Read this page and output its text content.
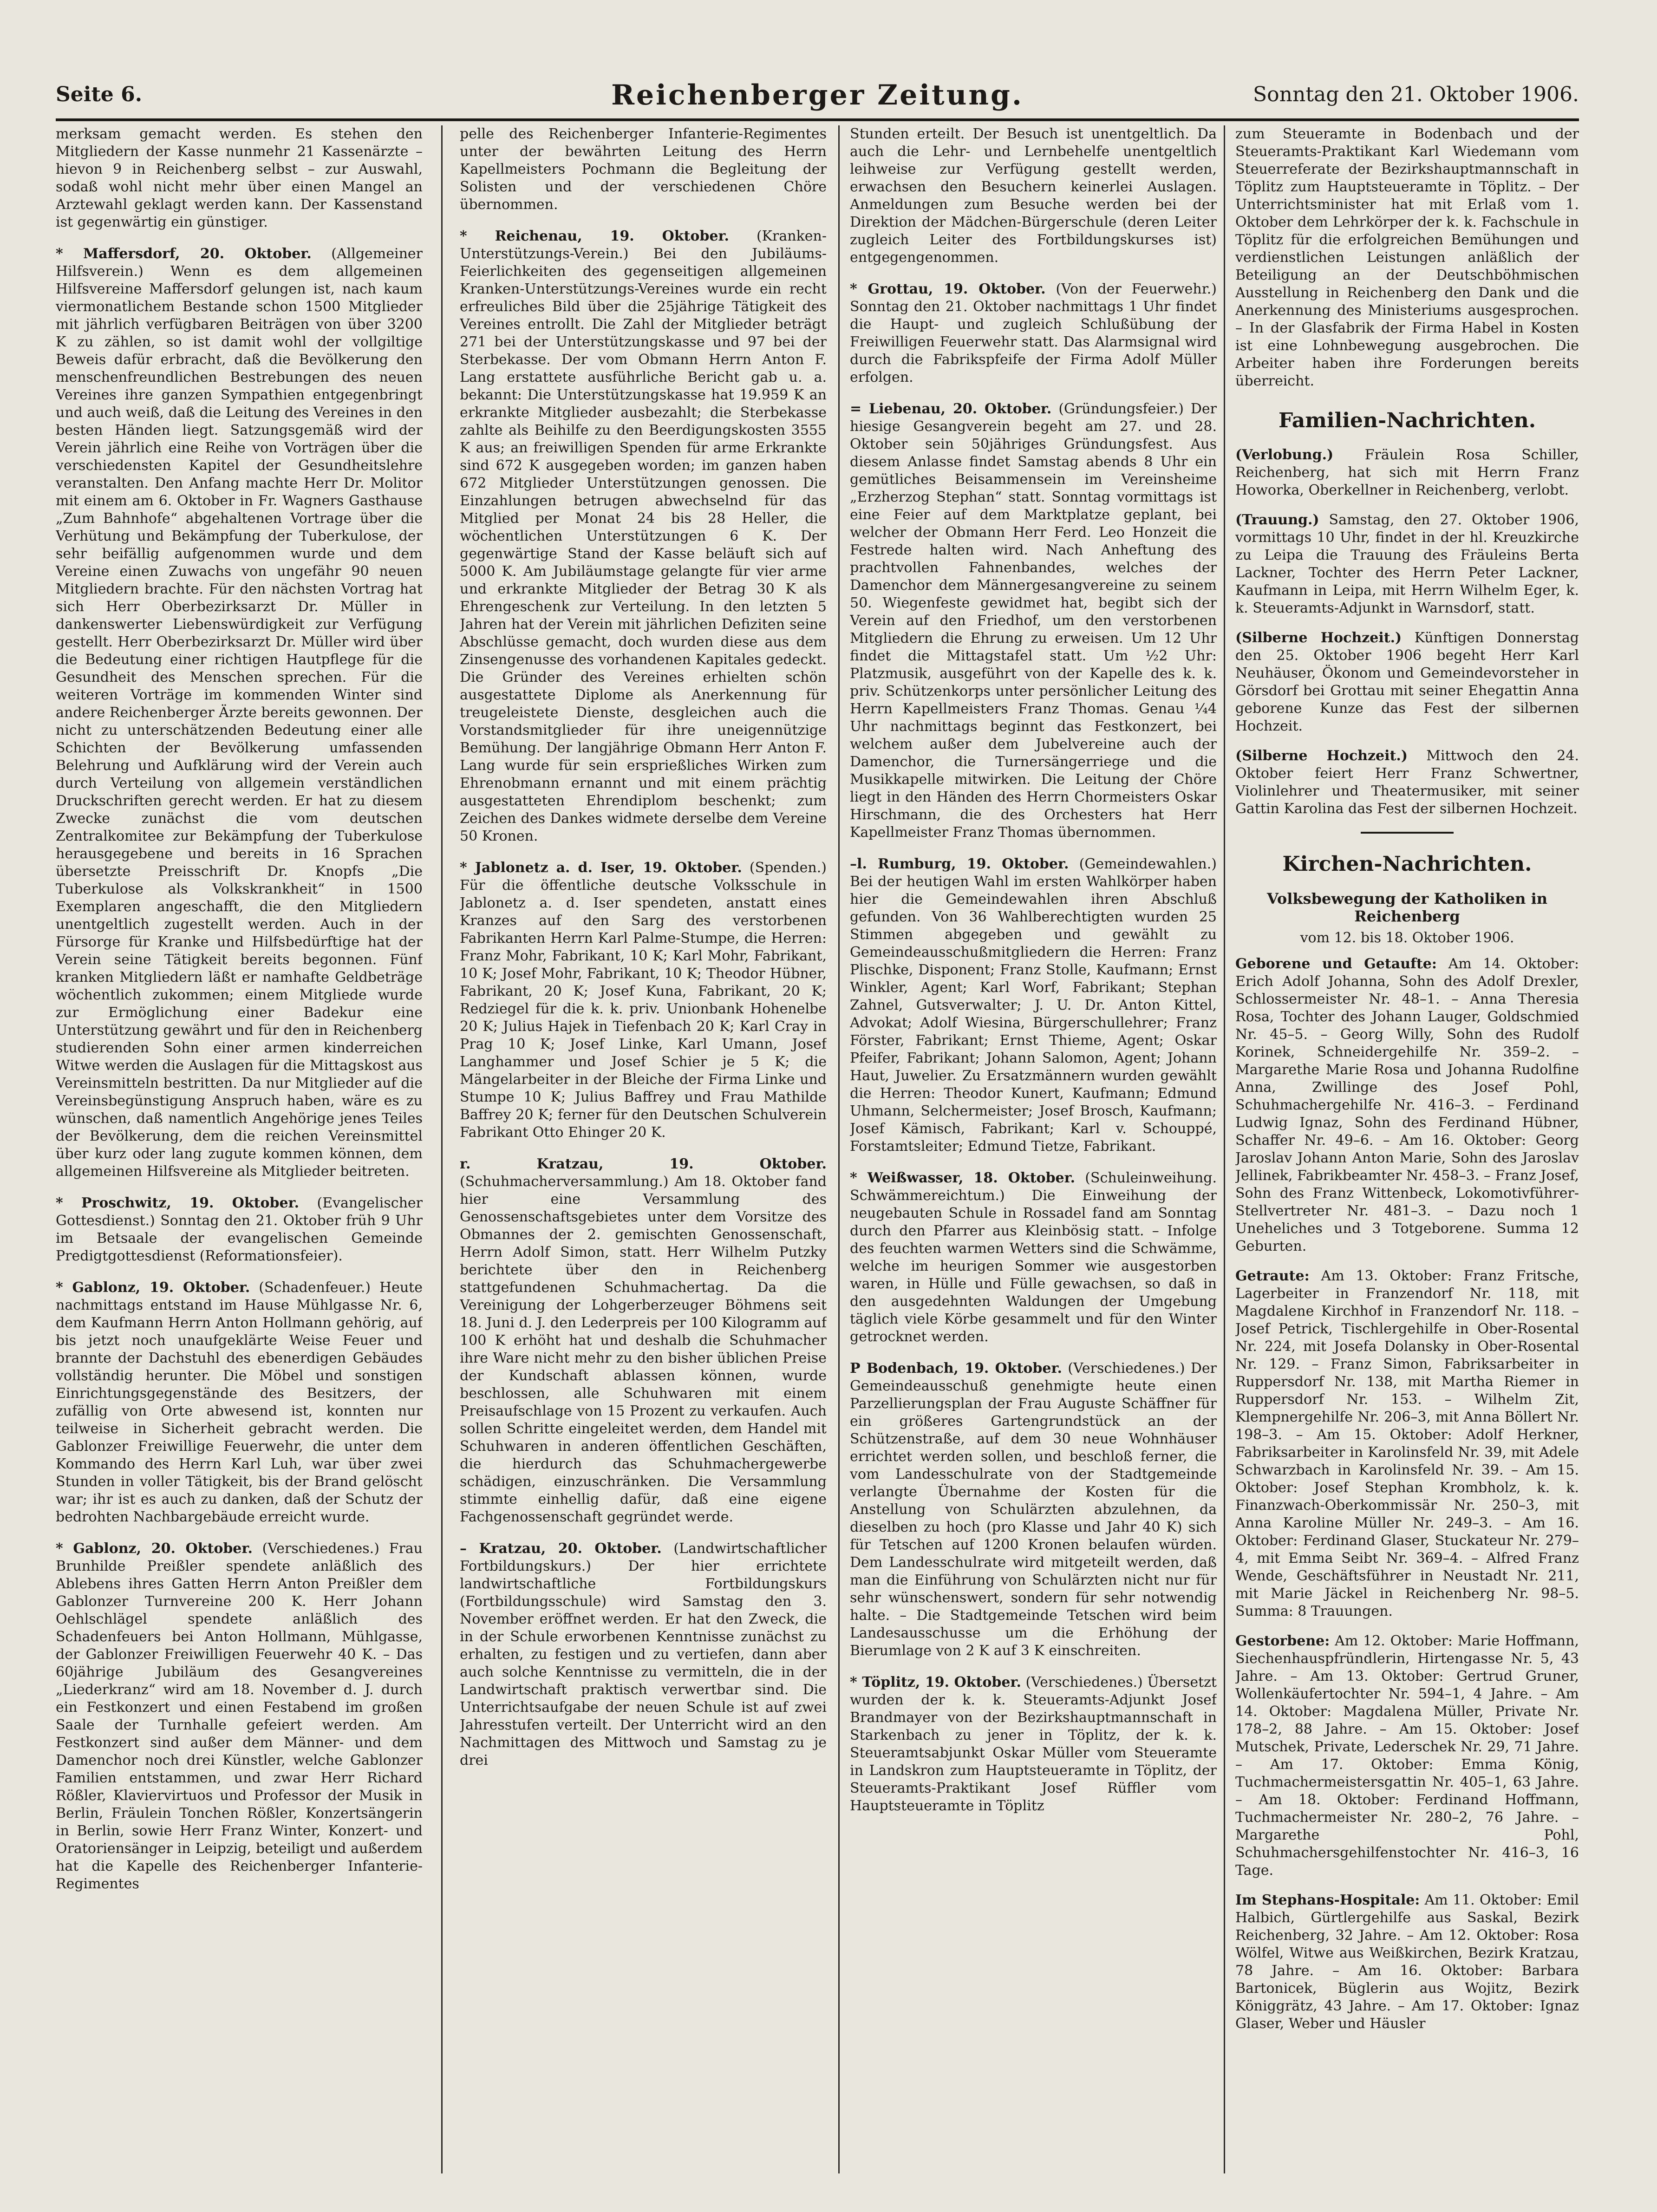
Seite 6.	Reichenberger Zeitung.	Sonntag den 21. Oktober 1906.
merksam gemacht werden. Es stehen den Mitgliedern der Kasse nunmehr 21 Kassenärzte – hievon 9 in Reichenberg selbst – zur Auswahl, sodaß wohl nicht mehr über einen Mangel an Arztewahl geklagt werden kann. Der Kassenstand ist gegenwärtig ein günstiger.
* Maffersdorf, 20. Oktober. (Allgemeiner Hilfsverein.) Wenn es dem allgemeinen Hilfsvereine Maffersdorf gelungen ist, nach kaum viermonatlichem Bestande schon 1500 Mitglieder mit jährlich verfügbaren Beiträgen von über 3200 K zu zählen, so ist damit wohl der vollgiltige Beweis dafür erbracht, daß die Bevölkerung den menschenfreundlichen Bestrebungen des neuen Vereines ihre ganzen Sympathien entgegenbringt und auch weiß, daß die Leitung des Vereines in den besten Händen liegt. Satzungsgemäß wird der Verein jährlich eine Reihe von Vorträgen über die verschiedensten Kapitel der Gesundheitslehre veranstalten. Den Anfang machte Herr Dr. Molitor mit einem am 6. Oktober in Fr. Wagners Gasthause „Zum Bahnhofe“ abgehaltenen Vortrage über die Verhütung und Bekämpfung der Tuberkulose, der sehr beifällig aufgenommen wurde und dem Vereine einen Zuwachs von ungefähr 90 neuen Mitgliedern brachte. Für den nächsten Vortrag hat sich Herr Oberbezirksarzt Dr. Müller in dankenswerter Liebenswürdigkeit zur Verfügung gestellt. Herr Oberbezirksarzt Dr. Müller wird über die Bedeutung einer richtigen Hautpflege für die Gesundheit des Menschen sprechen. Für die weiteren Vorträge im kommenden Winter sind andere Reichenberger Ärzte bereits gewonnen. Der nicht zu unterschätzenden Bedeutung einer alle Schichten der Bevölkerung umfassenden Belehrung und Aufklärung wird der Verein auch durch Verteilung von allgemein verständlichen Druckschriften gerecht werden. Er hat zu diesem Zwecke zunächst die vom deutschen Zentralkomitee zur Bekämpfung der Tuberkulose herausgegebene und bereits in 16 Sprachen übersetzte Preisschrift Dr. Knopfs „Die Tuberkulose als Volkskrankheit“ in 1500 Exemplaren angeschafft, die den Mitgliedern unentgeltlich zugestellt werden. Auch in der Fürsorge für Kranke und Hilfsbedürftige hat der Verein seine Tätigkeit bereits begonnen. Fünf kranken Mitgliedern läßt er namhafte Geldbeträge wöchentlich zukommen; einem Mitgliede wurde zur Ermöglichung einer Badekur eine Unterstützung gewährt und für den in Reichenberg studierenden Sohn einer armen kinderreichen Witwe werden die Auslagen für die Mittagskost aus Vereinsmitteln bestritten. Da nur Mitglieder auf die Vereinsbegünstigung Anspruch haben, wäre es zu wünschen, daß namentlich Angehörige jenes Teiles der Bevölkerung, dem die reichen Vereinsmittel über kurz oder lang zugute kommen können, dem allgemeinen Hilfsvereine als Mitglieder beitreten.
* Proschwitz, 19. Oktober. (Evangelischer Gottesdienst.) Sonntag den 21. Oktober früh 9 Uhr im Betsaale der evangelischen Gemeinde Predigtgottesdienst (Reformationsfeier).
* Gablonz, 19. Oktober. (Schadenfeuer.) Heute nachmittags entstand im Hause Mühlgasse Nr. 6, dem Kaufmann Herrn Anton Hollmann gehörig, auf bis jetzt noch unaufgeklärte Weise Feuer und brannte der Dachstuhl des ebenerdigen Gebäudes vollständig herunter. Die Möbel und sonstigen Einrichtungsgegenstände des Besitzers, der zufällig von Orte abwesend ist, konnten nur teilweise in Sicherheit gebracht werden. Die Gablonzer Freiwillige Feuerwehr, die unter dem Kommando des Herrn Karl Luh, war über zwei Stunden in voller Tätigkeit, bis der Brand gelöscht war; ihr ist es auch zu danken, daß der Schutz der bedrohten Nachbargebäude erreicht wurde.
* Gablonz, 20. Oktober. (Verschiedenes.) Frau Brunhilde Preißler spendete anläßlich des Ablebens ihres Gatten Herrn Anton Preißler dem Gablonzer Turnvereine 200 K. Herr Johann Oehlschlägel spendete anläßlich des Schadenfeuers bei Anton Hollmann, Mühlgasse, der Gablonzer Freiwilligen Feuerwehr 40 K. – Das 60jährige Jubiläum des Gesangvereines „Liederkranz“ wird am 18. November d. J. durch ein Festkonzert und einen Festabend im großen Saale der Turnhalle gefeiert werden. Am Festkonzert sind außer dem Männer- und dem Damenchor noch drei Künstler, welche Gablonzer Familien entstammen, und zwar Herr Richard Rößler, Klaviervirtuos und Professor der Musik in Berlin, Fräulein Tonchen Rößler, Konzertsängerin in Berlin, sowie Herr Franz Winter, Konzert- und Oratoriensänger in Leipzig, beteiligt und außerdem hat die Kapelle des Reichenberger Infanterie-Regimentes
pelle des Reichenberger Infanterie-Regimentes unter der bewährten Leitung des Herrn Kapellmeisters Pochmann die Begleitung der Solisten und der verschiedenen Chöre übernommen.
* Reichenau, 19. Oktober. (Kranken-Unterstützungs-Verein.) Bei den Jubiläums-Feierlichkeiten des gegenseitigen allgemeinen Kranken-Unterstützungs-Vereines wurde ein recht erfreuliches Bild über die 25jährige Tätigkeit des Vereines entrollt. Die Zahl der Mitglieder beträgt 271 bei der Unterstützungskasse und 97 bei der Sterbekasse. Der vom Obmann Herrn Anton F. Lang erstattete ausführliche Bericht gab u. a. bekannt: Die Unterstützungskasse hat 19.959 K an erkrankte Mitglieder ausbezahlt; die Sterbekasse zahlte als Beihilfe zu den Beerdigungskosten 3555 K aus; an freiwilligen Spenden für arme Erkrankte sind 672 K ausgegeben worden; im ganzen haben 672 Mitglieder Unterstützungen genossen. Die Einzahlungen betrugen abwechselnd für das Mitglied per Monat 24 bis 28 Heller, die wöchentlichen Unterstützungen 6 K. Der gegenwärtige Stand der Kasse beläuft sich auf 5000 K. Am Jubiläumstage gelangte für vier arme und erkrankte Mitglieder der Betrag 30 K als Ehrengeschenk zur Verteilung. In den letzten 5 Jahren hat der Verein mit jährlichen Defiziten seine Abschlüsse gemacht, doch wurden diese aus dem Zinsengenusse des vorhandenen Kapitales gedeckt. Die Gründer des Vereines erhielten schön ausgestattete Diplome als Anerkennung für treugeleistete Dienste, desgleichen auch die Vorstandsmitglieder für ihre uneigennützige Bemühung. Der langjährige Obmann Herr Anton F. Lang wurde für sein ersprießliches Wirken zum Ehrenobmann ernannt und mit einem prächtig ausgestatteten Ehrendiplom beschenkt; zum Zeichen des Dankes widmete derselbe dem Vereine 50 Kronen.
* Jablonetz a. d. Iser, 19. Oktober. (Spenden.) Für die öffentliche deutsche Volksschule in Jablonetz a. d. Iser spendeten, anstatt eines Kranzes auf den Sarg des verstorbenen Fabrikanten Herrn Karl Palme-Stumpe, die Herren: Franz Mohr, Fabrikant, 10 K; Karl Mohr, Fabrikant, 10 K; Josef Mohr, Fabrikant, 10 K; Theodor Hübner, Fabrikant, 20 K; Josef Kuna, Fabrikant, 20 K; Redziegel für die k. k. priv. Unionbank Hohenelbe 20 K; Julius Hajek in Tiefenbach 20 K; Karl Cray in Prag 10 K; Josef Linke, Karl Umann, Josef Langhammer und Josef Schier je 5 K; die Mängelarbeiter in der Bleiche der Firma Linke und Stumpe 10 K; Julius Baffrey und Frau Mathilde Baffrey 20 K; ferner für den Deutschen Schulverein Fabrikant Otto Ehinger 20 K.
r. Kratzau, 19. Oktober. (Schuhmacherversammlung.) Am 18. Oktober fand hier eine Versammlung des Genossenschaftsgebietes unter dem Vorsitze des Obmannes der 2. gemischten Genossenschaft, Herrn Adolf Simon, statt. Herr Wilhelm Putzky berichtete über den in Reichenberg stattgefundenen Schuhmachertag. Da die Vereinigung der Lohgerberzeuger Böhmens seit 18. Juni d. J. den Lederpreis per 100 Kilogramm auf 100 K erhöht hat und deshalb die Schuhmacher ihre Ware nicht mehr zu den bisher üblichen Preise der Kundschaft ablassen können, wurde beschlossen, alle Schuhwaren mit einem Preisaufschlage von 15 Prozent zu verkaufen. Auch sollen Schritte eingeleitet werden, dem Handel mit Schuhwaren in anderen öffentlichen Geschäften, die hierdurch das Schuhmachergewerbe schädigen, einzuschränken. Die Versammlung stimmte einhellig dafür, daß eine eigene Fachgenossenschaft gegründet werde.
– Kratzau, 20. Oktober. (Landwirtschaftlicher Fortbildungskurs.) Der hier errichtete landwirtschaftliche Fortbildungskurs (Fortbildungsschule) wird Samstag den 3. November eröffnet werden. Er hat den Zweck, die in der Schule erworbenen Kenntnisse zunächst zu erhalten, zu festigen und zu vertiefen, dann aber auch solche Kenntnisse zu vermitteln, die in der Landwirtschaft praktisch verwertbar sind. Die Unterrichtsaufgabe der neuen Schule ist auf zwei Jahresstufen verteilt. Der Unterricht wird an den Nachmittagen des Mittwoch und Samstag zu je drei
Stunden erteilt. Der Besuch ist unentgeltlich. Da auch die Lehr- und Lernbehelfe unentgeltlich leihweise zur Verfügung gestellt werden, erwachsen den Besuchern keinerlei Auslagen. Anmeldungen zum Besuche werden bei der Direktion der Mädchen-Bürgerschule (deren Leiter zugleich Leiter des Fortbildungskurses ist) entgegengenommen.
* Grottau, 19. Oktober. (Von der Feuerwehr.) Sonntag den 21. Oktober nachmittags 1 Uhr findet die Haupt- und zugleich Schlußübung der Freiwilligen Feuerwehr statt. Das Alarmsignal wird durch die Fabrikspfeife der Firma Adolf Müller erfolgen.
= Liebenau, 20. Oktober. (Gründungsfeier.) Der hiesige Gesangverein begeht am 27. und 28. Oktober sein 50jähriges Gründungsfest. Aus diesem Anlasse findet Samstag abends 8 Uhr ein gemütliches Beisammensein im Vereinsheime „Erzherzog Stephan“ statt. Sonntag vormittags ist eine Feier auf dem Marktplatze geplant, bei welcher der Obmann Herr Ferd. Leo Honzeit die Festrede halten wird. Nach Anheftung des prachtvollen Fahnenbandes, welches der Damenchor dem Männergesangvereine zu seinem 50. Wiegenfeste gewidmet hat, begibt sich der Verein auf den Friedhof, um den verstorbenen Mitgliedern die Ehrung zu erweisen. Um 12 Uhr findet die Mittagstafel statt. Um ½2 Uhr: Platzmusik, ausgeführt von der Kapelle des k. k. priv. Schützenkorps unter persönlicher Leitung des Herrn Kapellmeisters Franz Thomas. Genau ¼4 Uhr nachmittags beginnt das Festkonzert, bei welchem außer dem Jubelvereine auch der Damenchor, die Turnersängerriege und die Musikkapelle mitwirken. Die Leitung der Chöre liegt in den Händen des Herrn Chormeisters Oskar Hirschmann, die des Orchesters hat Herr Kapellmeister Franz Thomas übernommen.
–l. Rumburg, 19. Oktober. (Gemeindewahlen.) Bei der heutigen Wahl im ersten Wahlkörper haben hier die Gemeindewahlen ihren Abschluß gefunden. Von 36 Wahlberechtigten wurden 25 Stimmen abgegeben und gewählt zu Gemeindeausschußmitgliedern die Herren: Franz Plischke, Disponent; Franz Stolle, Kaufmann; Ernst Winkler, Agent; Karl Worf, Fabrikant; Stephan Zahnel, Gutsverwalter; J. U. Dr. Anton Kittel, Advokat; Adolf Wiesina, Bürgerschullehrer; Franz Förster, Fabrikant; Ernst Thieme, Agent; Oskar Pfeifer, Fabrikant; Johann Salomon, Agent; Johann Haut, Juwelier. Zu Ersatzmännern wurden gewählt die Herren: Theodor Kunert, Kaufmann; Edmund Uhmann, Selchermeister; Josef Brosch, Kaufmann; Josef Kämisch, Fabrikant; Karl v. Schouppé, Forstamtsleiter; Edmund Tietze, Fabrikant.
* Weißwasser, 18. Oktober. (Schuleinweihung. Schwämmereichtum.) Die Einweihung der neugebauten Schule in Rossadel fand am Sonntag durch den Pfarrer aus Kleinbösig statt. – Infolge des feuchten warmen Wetters sind die Schwämme, welche im heurigen Sommer wie ausgestorben waren, in Hülle und Fülle gewachsen, so daß in den ausgedehnten Waldungen der Umgebung täglich viele Körbe gesammelt und für den Winter getrocknet werden.
P Bodenbach, 19. Oktober. (Verschiedenes.) Der Gemeindeausschuß genehmigte heute einen Parzellierungsplan der Frau Auguste Schäffner für ein größeres Gartengrundstück an der Schützenstraße, auf dem 30 neue Wohnhäuser errichtet werden sollen, und beschloß ferner, die vom Landesschulrate von der Stadtgemeinde verlangte Übernahme der Kosten für die Anstellung von Schulärzten abzulehnen, da dieselben zu hoch (pro Klasse und Jahr 40 K) sich für Tetschen auf 1200 Kronen belaufen würden. Dem Landesschulrate wird mitgeteilt werden, daß man die Einführung von Schulärzten nicht nur für sehr wünschenswert, sondern für sehr notwendig halte. – Die Stadtgemeinde Tetschen wird beim Landesausschusse um die Erhöhung der Bierumlage von 2 K auf 3 K einschreiten.
* Töplitz, 19. Oktober. (Verschiedenes.) Übersetzt wurden der k. k. Steueramts-Adjunkt Josef Brandmayer von der Bezirkshauptmannschaft in Starkenbach zu jener in Töplitz, der k. k. Steueramtsabjunkt Oskar Müller vom Steueramte in Landskron zum Hauptsteueramte in Töplitz, der Steueramts-Praktikant Josef Rüffler vom Hauptsteueramte in Töplitz
zum Steueramte in Bodenbach und der Steueramts-Praktikant Karl Wiedemann vom Steuerreferate der Bezirkshauptmannschaft in Töplitz zum Hauptsteueramte in Töplitz. – Der Unterrichtsminister hat mit Erlaß vom 1. Oktober dem Lehrkörper der k. k. Fachschule in Töplitz für die erfolgreichen Bemühungen und verdienstlichen Leistungen anläßlich der Beteiligung an der Deutschböhmischen Ausstellung in Reichenberg den Dank und die Anerkennung des Ministeriums ausgesprochen. – In der Glasfabrik der Firma Habel in Kosten ist eine Lohnbewegung ausgebrochen. Die Arbeiter haben ihre Forderungen bereits überreicht.
Familien-Nachrichten.
(Verlobung.) Fräulein Rosa Schiller, Reichenberg, hat sich mit Herrn Franz Howorka, Oberkellner in Reichenberg, verlobt.
(Trauung.) Samstag, den 27. Oktober 1906, vormittags 10 Uhr, findet in der hl. Kreuzkirche zu Leipa die Trauung des Fräuleins Berta Lackner, Tochter des Herrn Peter Lackner, Kaufmann in Leipa, mit Herrn Wilhelm Eger, k. k. Steueramts-Adjunkt in Warnsdorf, statt.
(Silberne Hochzeit.) Künftigen Donnerstag den 25. Oktober 1906 begeht Herr Karl Neuhäuser, Ökonom und Gemeindevorsteher in Görsdorf bei Grottau mit seiner Ehegattin Anna geborene Kunze das Fest der silbernen Hochzeit.
(Silberne Hochzeit.) Mittwoch den 24. Oktober feiert Herr Franz Schwertner, Violinlehrer und Theatermusiker, mit seiner Gattin Karolina das Fest der silbernen Hochzeit.
Kirchen-Nachrichten.
Volksbewegung der Katholiken in Reichenberg
vom 12. bis 18. Oktober 1906.
Geborene und Getaufte: Am 14. Oktober: Erich Adolf Johanna, Sohn des Adolf Drexler, Schlossermeister Nr. 48–1. – Anna Theresia Rosa, Tochter des Johann Lauger, Goldschmied Nr. 45–5. – Georg Willy, Sohn des Rudolf Korinek, Schneidergehilfe Nr. 359–2. – Margarethe Marie Rosa und Johanna Rudolfine Anna, Zwillinge des Josef Pohl, Schuhmachergehilfe Nr. 416–3. – Ferdinand Ludwig Ignaz, Sohn des Ferdinand Hübner, Schaffer Nr. 49–6. – Am 16. Oktober: Georg Jaroslav Johann Anton Marie, Sohn des Jaroslav Jellinek, Fabrikbeamter Nr. 458–3. – Franz Josef, Sohn des Franz Wittenbeck, Lokomotivführer-Stellvertreter Nr. 481–3. – Dazu noch 1 Uneheliches und 3 Totgeborene. Summa 12 Geburten.
Getraute: Am 13. Oktober: Franz Fritsche, Lagerbeiter in Franzendorf Nr. 118, mit Magdalene Kirchhof in Franzendorf Nr. 118. – Josef Petrick, Tischlergehilfe in Ober-Rosental Nr. 224, mit Josefa Dolansky in Ober-Rosental Nr. 129. – Franz Simon, Fabriksarbeiter in Ruppersdorf Nr. 138, mit Martha Riemer in Ruppersdorf Nr. 153. – Wilhelm Zit, Klempnergehilfe Nr. 206–3, mit Anna Böllert Nr. 198–3. – Am 15. Oktober: Adolf Herkner, Fabriksarbeiter in Karolinsfeld Nr. 39, mit Adele Schwarzbach in Karolinsfeld Nr. 39. – Am 15. Oktober: Josef Stephan Krombholz, k. k. Finanzwach-Oberkommissär Nr. 250–3, mit Anna Karoline Müller Nr. 249–3. – Am 16. Oktober: Ferdinand Glaser, Stuckateur Nr. 279–4, mit Emma Seibt Nr. 369–4. – Alfred Franz Wende, Geschäftsführer in Neustadt Nr. 211, mit Marie Jäckel in Reichenberg Nr. 98–5. Summa: 8 Trauungen.
Gestorbene: Am 12. Oktober: Marie Hoffmann, Siechenhauspfründlerin, Hirtengasse Nr. 5, 43 Jahre. – Am 13. Oktober: Gertrud Gruner, Wollenkäufertochter Nr. 594–1, 4 Jahre. – Am 14. Oktober: Magdalena Müller, Private Nr. 178–2, 88 Jahre. – Am 15. Oktober: Josef Mutschek, Private, Lederschek Nr. 29, 71 Jahre. – Am 17. Oktober: Emma König, Tuchmachermeistersgattin Nr. 405–1, 63 Jahre. – Am 18. Oktober: Ferdinand Hoffmann, Tuchmachermeister Nr. 280–2, 76 Jahre. – Margarethe Pohl, Schuhmachersgehilfenstochter Nr. 416–3, 16 Tage.
Im Stephans-Hospitale: Am 11. Oktober: Emil Halbich, Gürtlergehilfe aus Saskal, Bezirk Reichenberg, 32 Jahre. – Am 12. Oktober: Rosa Wölfel, Witwe aus Weißkirchen, Bezirk Kratzau, 78 Jahre. – Am 16. Oktober: Barbara Bartonicek, Büglerin aus Wojitz, Bezirk Königgrätz, 43 Jahre. – Am 17. Oktober: Ignaz Glaser, Weber und Häusler
